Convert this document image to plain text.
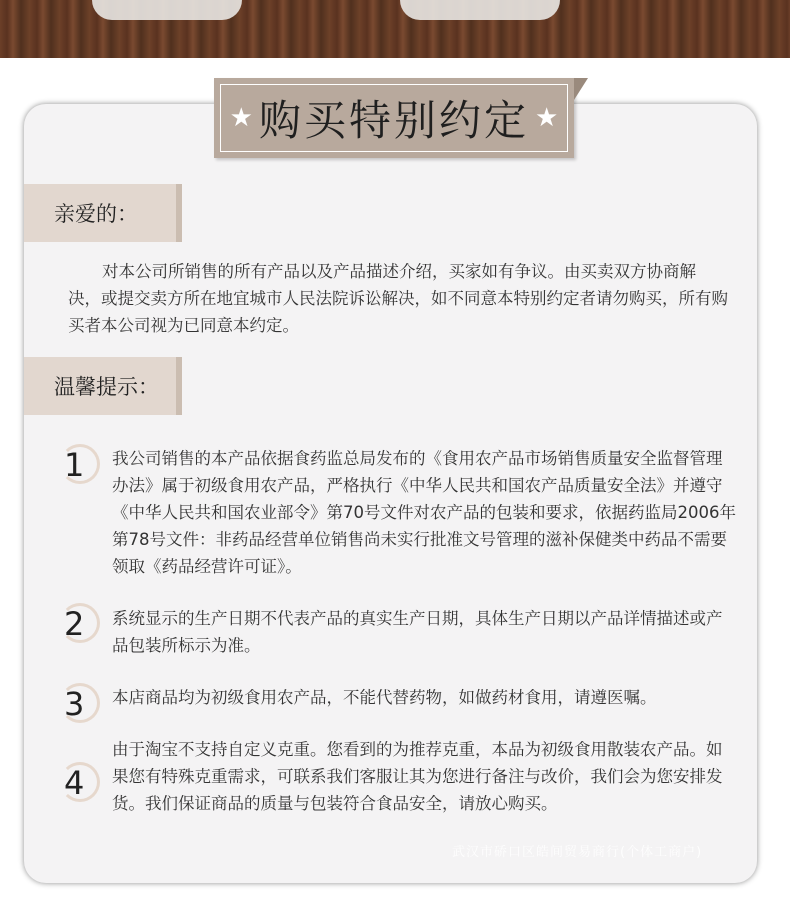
★ 购买特别约定 ★
亲爱的：
对本公司所销售的所有产品以及产品描述介绍，买家如有争议。由买卖双方协商解决，或提交卖方所在地宜城市人民法院诉讼解决，如不同意本特别约定者请勿购买，所有购买者本公司视为已同意本约定。
温馨提示：
1 我公司销售的本产品依据食药监总局发布的《食用农产品市场销售质量安全监督管理办法》属于初级食用农产品，严格执行《中华人民共和国农产品质量安全法》并遵守《中华人民共和国农业部令》第70号文件对农产品的包装和要求，依据药监局2006年第78号文件：非药品经营单位销售尚未实行批准文号管理的滋补保健类中药品不需要领取《药品经营许可证》。
2 系统显示的生产日期不代表产品的真实生产日期，具体生产日期以产品详情描述或产品包装所标示为准。
3 本店商品均为初级食用农产品，不能代替药物，如做药材食用，请遵医嘱。
4
由于淘宝不支持自定义克重。您看到的为推荐克重，本品为初级食用散装农产品。如果您有特殊克重需求，可联系我们客服让其为您进行备注与改价，我们会为您安排发货。我们保证商品的质量与包装符合食品安全，请放心购买。
武汉市硚口区皓间贸易商行(个体工商户)
